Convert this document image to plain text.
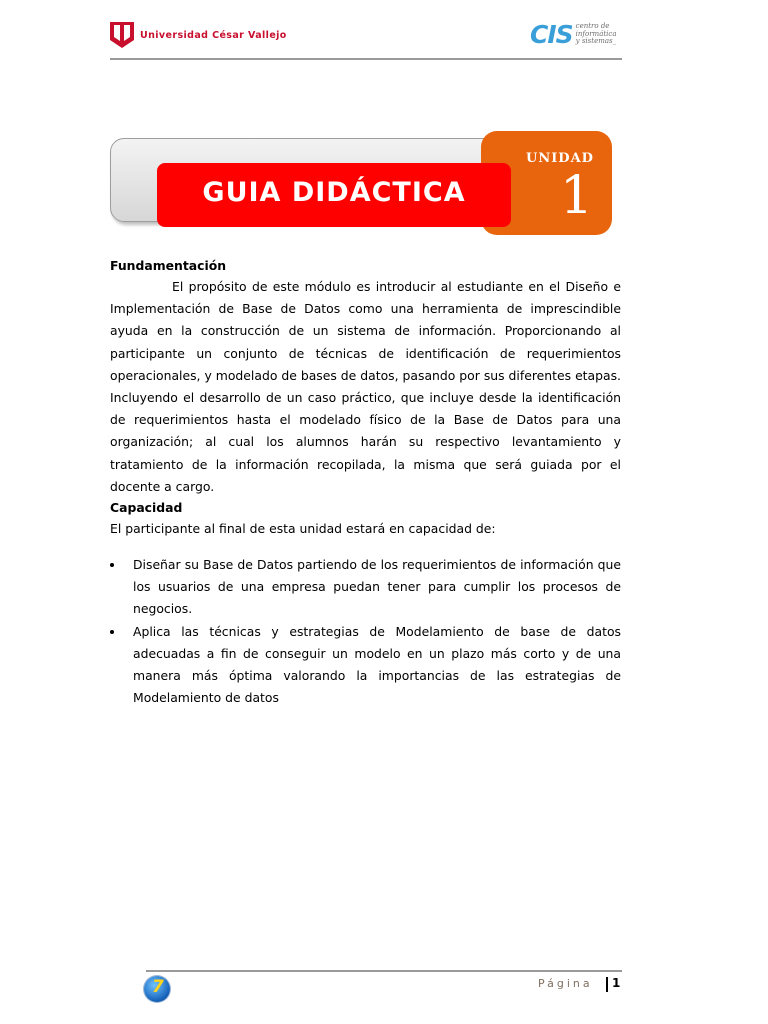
Universidad César Vallejo	CIS centro de
informática
y sistemas_
UNIDAD
1
GUIA DIDÁCTICA
Fundamentación

El propósito de este módulo es introducir al estudiante en el Diseño e Implementación de Base de Datos como una herramienta de imprescindible ayuda en la construcción de un sistema de información. Proporcionando al participante un conjunto de técnicas de identificación de requerimientos operacionales, y modelado de bases de datos, pasando por sus diferentes etapas. Incluyendo el desarrollo de un caso práctico, que incluye desde la identificación de requerimientos hasta el modelado físico de la Base de Datos para una organización; al cual los alumnos harán su respectivo levantamiento y tratamiento de la información recopilada, la misma que será guiada por el docente a cargo.

Capacidad

El participante al final de esta unidad estará en capacidad de:

Diseñar su Base de Datos partiendo de los requerimientos de información que los usuarios de una empresa puedan tener para cumplir los procesos de negocios.
Aplica las técnicas y estrategias de Modelamiento de base de datos adecuadas a fin de conseguir un modelo en un plazo más corto y de una manera más óptima valorando la importancias de las estrategias de Modelamiento de datos
7	Página 1
